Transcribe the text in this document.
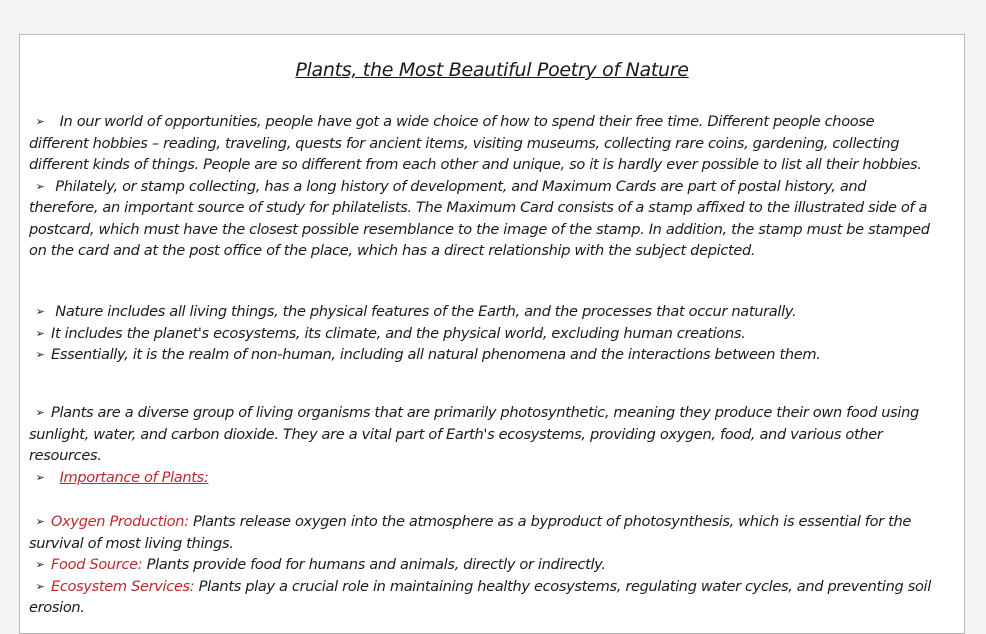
Plants, the Most Beautiful Poetry of Nature

➢ In our world of opportunities, people have got a wide choice of how to spend their free time. Different people choose

different hobbies – reading, traveling, quests for ancient items, visiting museums, collecting rare coins, gardening, collecting

different kinds of things. People are so different from each other and unique, so it is hardly ever possible to list all their hobbies.

➢ Philately, or stamp collecting, has a long history of development, and Maximum Cards are part of postal history, and

therefore, an important source of study for philatelists. The Maximum Card consists of a stamp affixed to the illustrated side of a

postcard, which must have the closest possible resemblance to the image of the stamp. In addition, the stamp must be stamped

on the card and at the post office of the place, which has a direct relationship with the subject depicted.

➢ Nature includes all living things, the physical features of the Earth, and the processes that occur naturally.

➢ It includes the planet's ecosystems, its climate, and the physical world, excluding human creations.

➢ Essentially, it is the realm of non-human, including all natural phenomena and the interactions between them.

➢ Plants are a diverse group of living organisms that are primarily photosynthetic, meaning they produce their own food using

sunlight, water, and carbon dioxide. They are a vital part of Earth's ecosystems, providing oxygen, food, and various other

resources.

➢ Importance of Plants:

➢ Oxygen Production: Plants release oxygen into the atmosphere as a byproduct of photosynthesis, which is essential for the

survival of most living things.

➢ Food Source: Plants provide food for humans and animals, directly or indirectly.

➢ Ecosystem Services: Plants play a crucial role in maintaining healthy ecosystems, regulating water cycles, and preventing soil

erosion.
